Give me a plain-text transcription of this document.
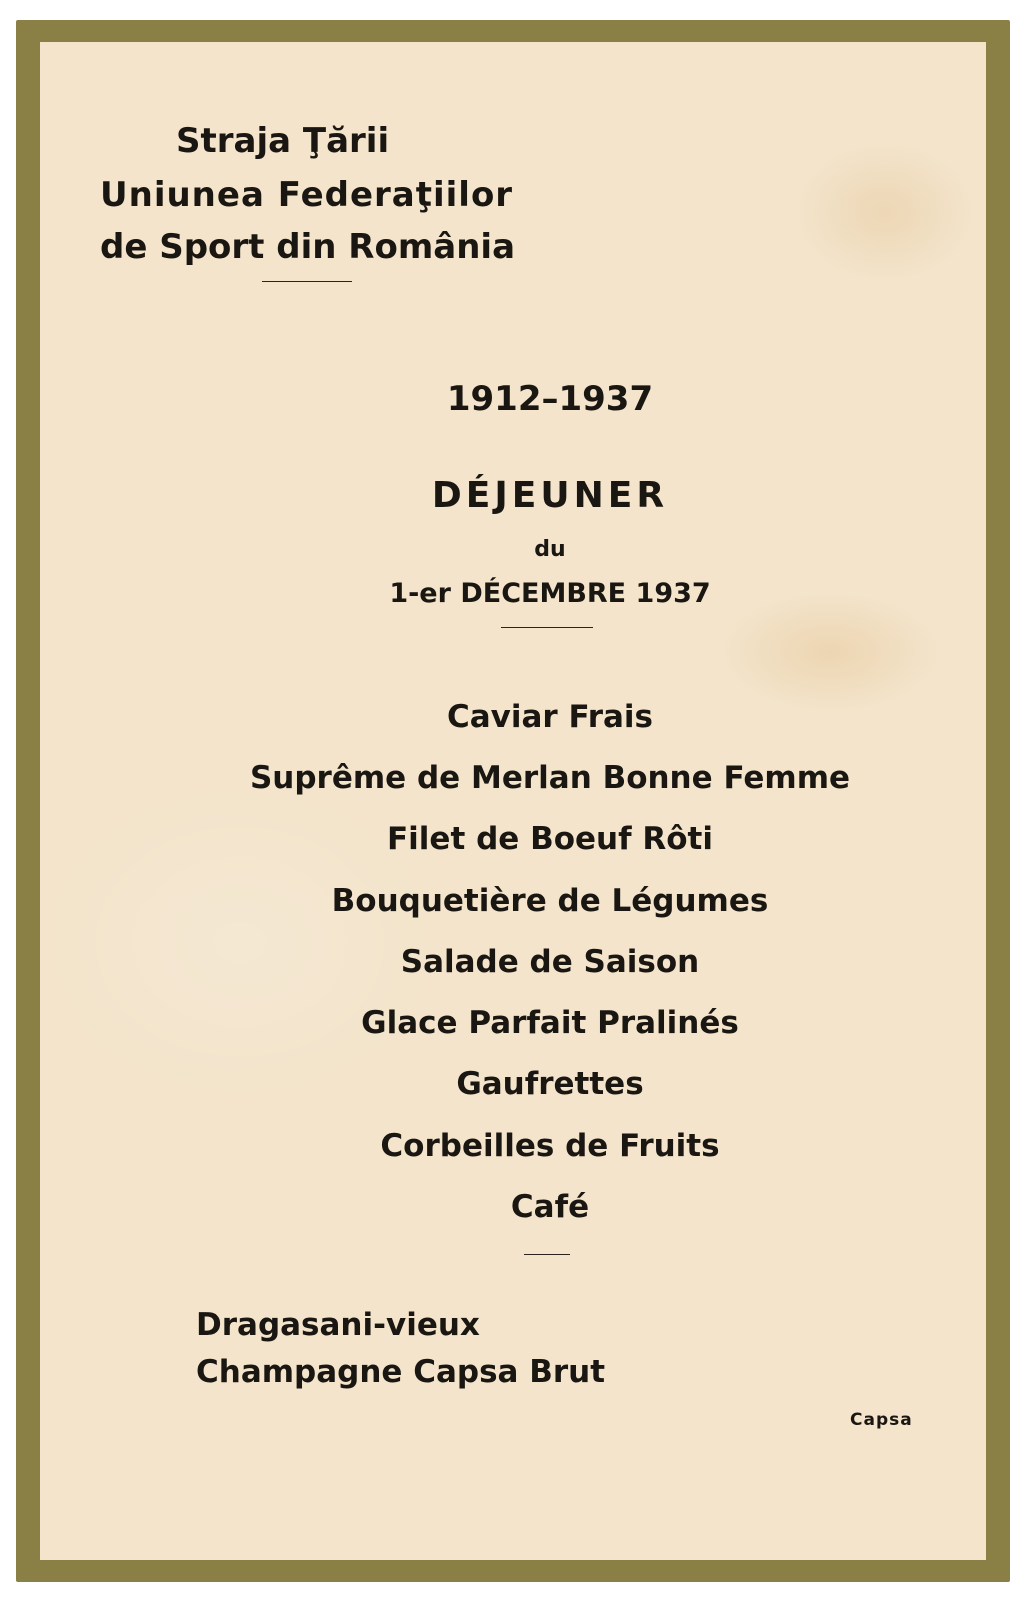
Straja Ţării

Uniunea Federaţiilor

de Sport din România

1912–1937

DÉJEUNER

du

1-er DÉCEMBRE 1937

Caviar Frais

Suprême de Merlan Bonne Femme

Filet de Boeuf Rôti

Bouquetière de Légumes

Salade de Saison

Glace Parfait Pralinés

Gaufrettes

Corbeilles de Fruits

Café

Dragasani-vieux

Champagne Capsa Brut

Capsa
